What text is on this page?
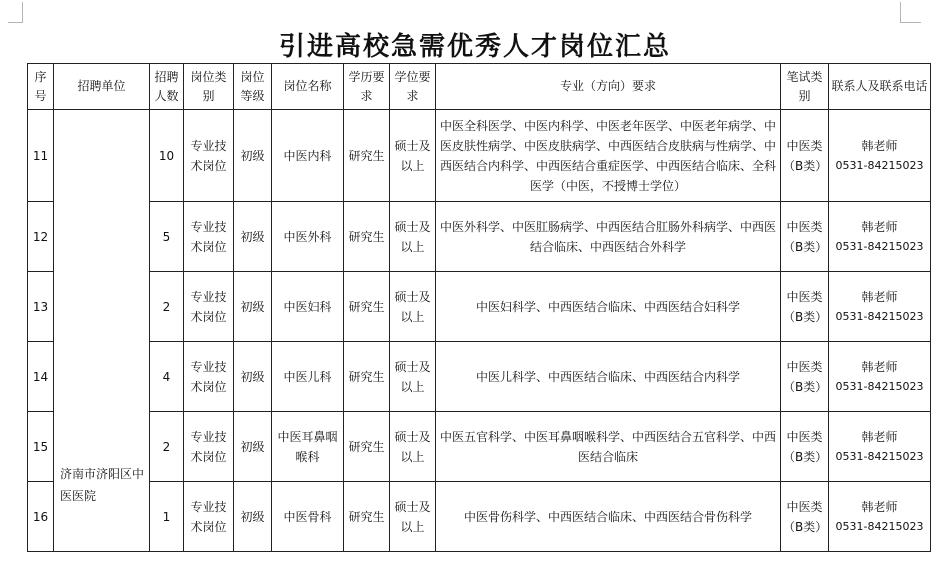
引进高校急需优秀人才岗位汇总
序号	招聘单位	招聘人数	岗位类别	岗位等级	岗位名称	学历要求	学位要求	专业（方向）要求	笔试类别	联系人及联系电话
11	济南市济阳区中医医院	10	专业技术岗位	初级	中医内科	研究生	硕士及以上	中医全科医学、中医内科学、中医老年医学、中医老年病学、中医皮肤性病学、中医皮肤病学、中西医结合皮肤病与性病学、中西医结合内科学、中西医结合重症医学、中西医结合临床、全科医学（中医，不授博士学位）	中医类（B类）	韩老师
0531-84215023

12		5	专业技术岗位	初级	中医外科	研究生	硕士及以上	中医外科学、中医肛肠病学、中西医结合肛肠外科病学、中西医结合临床、中西医结合外科学	中医类（B类）	韩老师
0531-84215023

13		2	专业技术岗位	初级	中医妇科	研究生	硕士及以上	中医妇科学、中西医结合临床、中西医结合妇科学	中医类（B类）	韩老师
0531-84215023

14		4	专业技术岗位	初级	中医儿科	研究生	硕士及以上	中医儿科学、中西医结合临床、中西医结合内科学	中医类（B类）	韩老师
0531-84215023

15		2	专业技术岗位	初级	中医耳鼻咽喉科	研究生	硕士及以上	中医五官科学、中医耳鼻咽喉科学、中西医结合五官科学、中西医结合临床	中医类（B类）	韩老师
0531-84215023

16		1	专业技术岗位	初级	中医骨科	研究生	硕士及以上	中医骨伤科学、中西医结合临床、中西医结合骨伤科学	中医类（B类）	韩老师
0531-84215023
